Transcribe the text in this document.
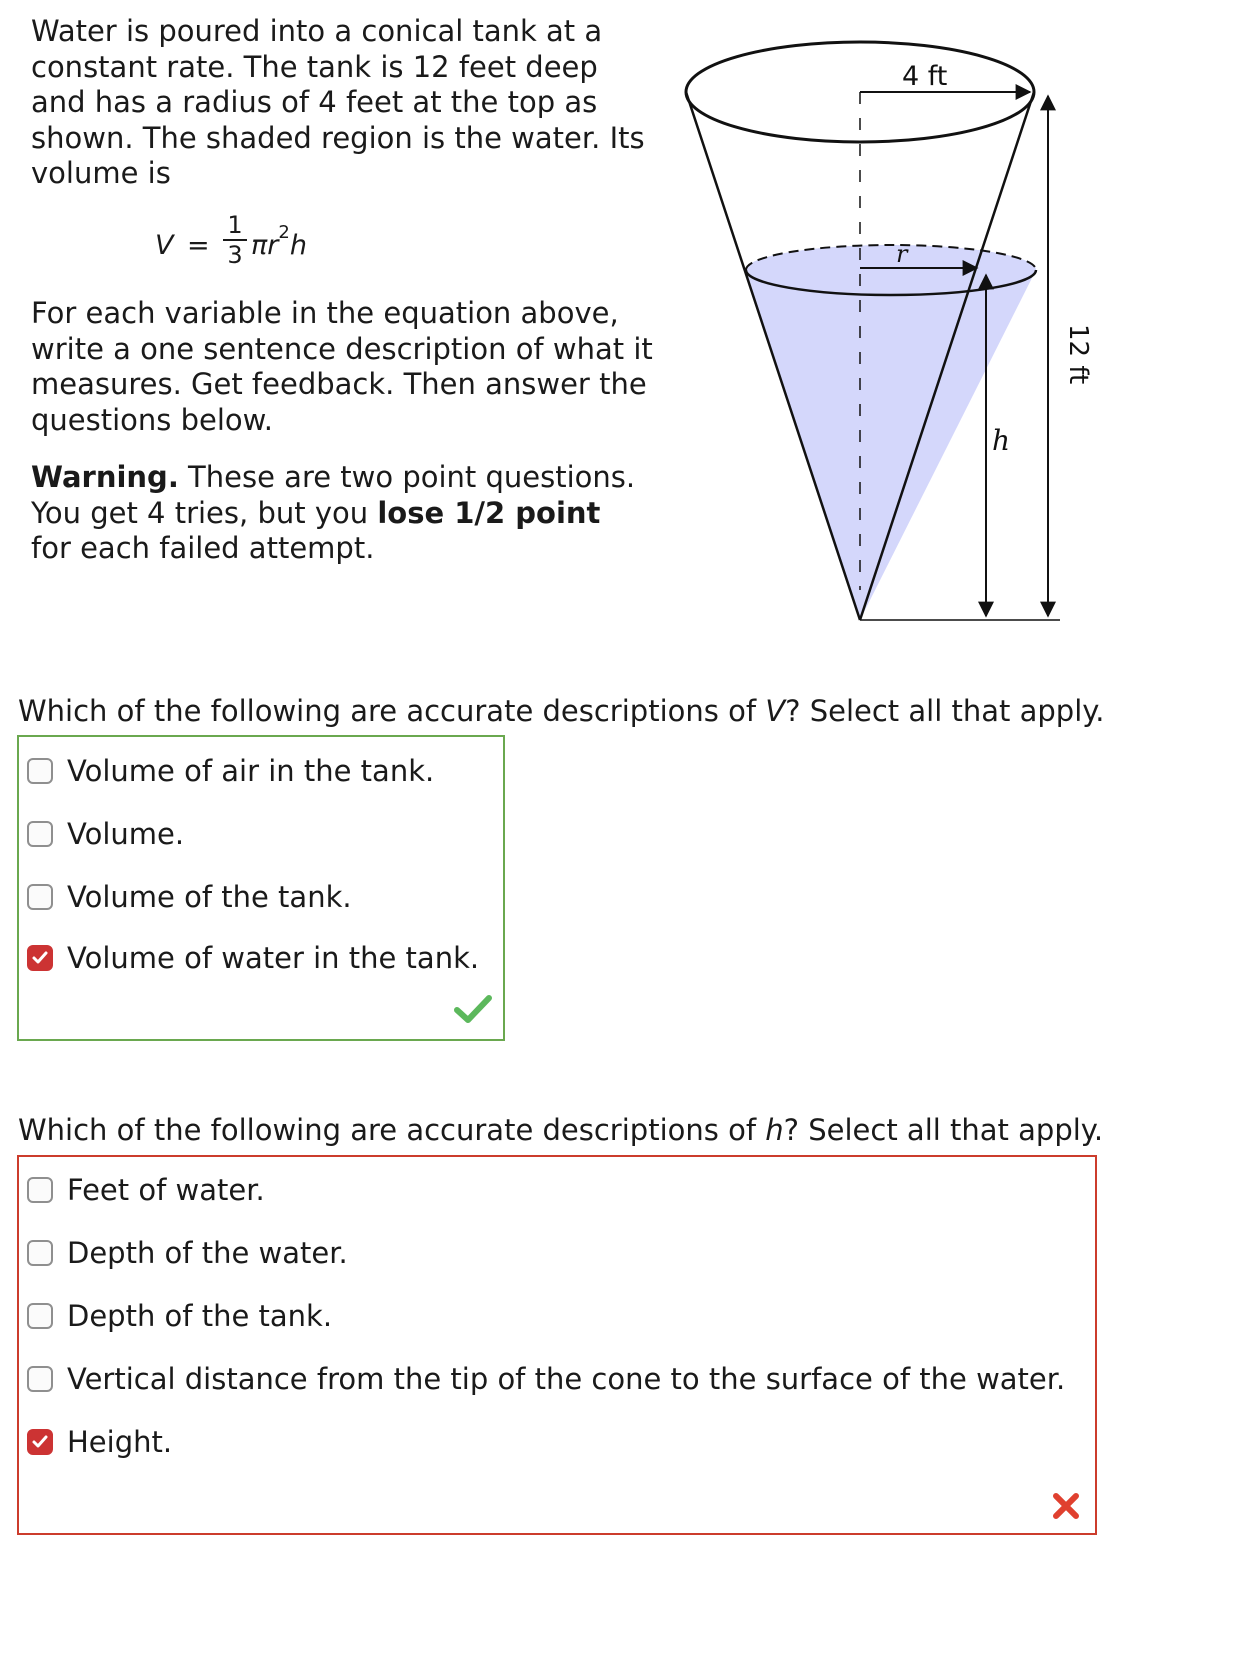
Water is poured into a conical tank at a

constant rate. The tank is 12 feet deep

and has a radius of 4 feet at the top as

shown. The shaded region is the water. Its

volume is

V =
1
3 $\pi r^2h$
For each variable in the equation above,
write a one sentence description of what it
measures. Get feedback. Then answer the
questions below.
Warning. These are two point questions.
You get 4 tries, but you lose 1/2 point
for each failed attempt.
4 ft
r
h
12 ft
Which of the following are accurate descriptions of V? Select all that apply.
Volume of air in the tank.
Volume.
Volume of the tank.
Volume of water in the tank.
Which of the following are accurate descriptions of h? Select all that apply.
Feet of water.
Depth of the water.
Depth of the tank.
Vertical distance from the tip of the cone to the surface of the water.
Height.
